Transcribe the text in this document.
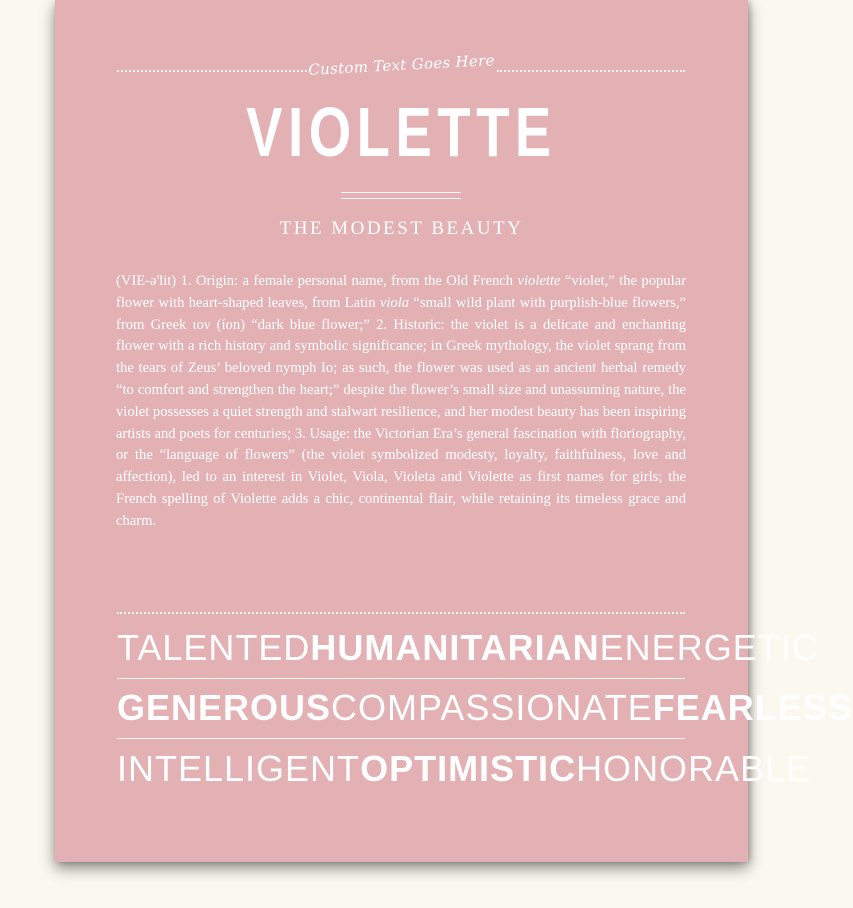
Custom Text Goes Here
VIOLETTE
THE MODEST BEAUTY
(VIE-ə'lit) 1. Origin: a female personal name, from the Old French violette “violet,” the popular flower with heart-shaped leaves, from Latin viola “small wild plant with purplish-blue flowers,” from Greek ιον (íon) “dark blue flower;” 2. Historic: the violet is a delicate and enchanting flower with a rich history and symbolic significance; in Greek mythology, the violet sprang from the tears of Zeus’ beloved nymph Io; as such, the flower was used as an ancient herbal remedy “to comfort and strengthen the heart;” despite the flower’s small size and unassuming nature, the violet possesses a quiet strength and stalwart resilience, and her modest beauty has been inspiring artists and poets for centuries; 3. Usage: the Victorian Era’s general fascination with floriography, or the “language of flowers” (the violet symbolized modesty, loyalty, faithfulness, love and affection), led to an interest in Violet, Viola, Violeta and Violette as first names for girls; the French spelling of Violette adds a chic, continental flair, while retaining its timeless grace and charm.
TALENTED HUMANITARIAN ENERGETIC
GENEROUS COMPASSIONATE FEARLESS
INTELLIGENT OPTIMISTIC HONORABLE
